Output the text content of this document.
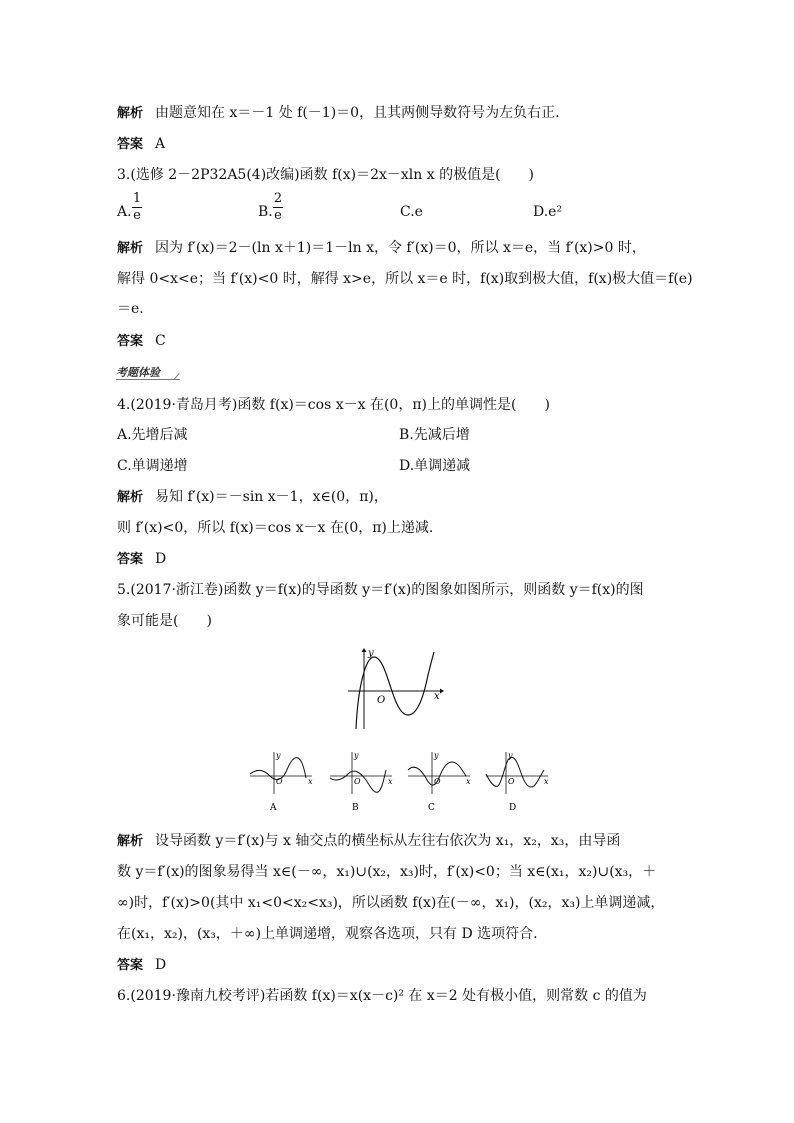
解析 由题意知在 x＝－1 处 f(－1)＝0，且其两侧导数符号为左负右正.
答案 A
3.(选修 2－2P32A5(4)改编)函数 f(x)＝2x－xln x 的极值是(　　)
A.
1
e	B.
2
e	C.e	D.e²
解析 因为 f′(x)＝2－(ln x＋1)＝1－ln x，令 f′(x)＝0，所以 x＝e，当 f′(x)>0 时，
解得 0<x<e；当 f′(x)<0 时，解得 x>e，所以 x＝e 时，f(x)取到极大值，f(x)极大值＝f(e)
＝e.
答案 C
考题体验
4.(2019·青岛月考)函数 f(x)＝cos x－x 在(0，π)上的单调性是(　　)
A.先增后减	B.先减后增
C.单调递增	D.单调递减
解析 易知 f′(x)＝－sin x－1，x∈(0，π)，
则 f′(x)<0，所以 f(x)＝cos x－x 在(0，π)上递减.
答案 D
5.(2017·浙江卷)函数 y＝f(x)的导函数 y＝f′(x)的图象如图所示，则函数 y＝f(x)的图
象可能是(　　)
y
x
O
y
x
O
A
y
x
O
B
y
x
O
C
y
x
O
D
解析 设导函数 y＝f′(x)与 x 轴交点的横坐标从左往右依次为 x₁，x₂，x₃，由导函
数 y＝f′(x)的图象易得当 x∈(－∞，x₁)∪(x₂，x₃)时，f′(x)<0；当 x∈(x₁，x₂)∪(x₃，＋
∞)时，f′(x)>0(其中 x₁<0<x₂<x₃)，所以函数 f(x)在(－∞，x₁)，(x₂，x₃)上单调递减，
在(x₁，x₂)，(x₃，＋∞)上单调递增，观察各选项，只有 D 选项符合.
答案 D
6.(2019·豫南九校考评)若函数 f(x)＝x(x－c)² 在 x＝2 处有极小值，则常数 c 的值为
